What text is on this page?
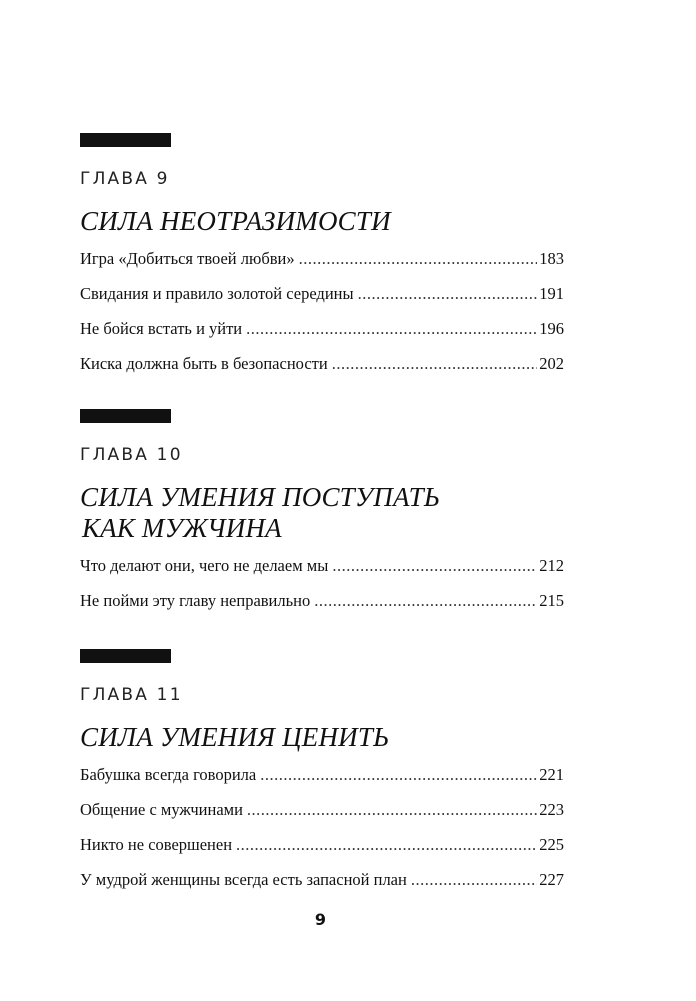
ГЛАВА 9
СИЛА НЕОТРАЗИМОСТИ
Игра «Добиться твоей любви» .....	183
Свидания и правило золотой середины .....	191
Не бойся встать и уйти .....	196
Киска должна быть в безопасности .....	202
ГЛАВА 10
СИЛА УМЕНИЯ ПОСТУПАТЬ
КАК МУЖЧИНА
Что делают они, чего не делаем мы .....	212
Не пойми эту главу неправильно .....	215
ГЛАВА 11
СИЛА УМЕНИЯ ЦЕНИТЬ
Бабушка всегда говорила .....	221
Общение с мужчинами .....	223
Никто не совершенен .....	225
У мудрой женщины всегда есть запасной план .....	227
9
